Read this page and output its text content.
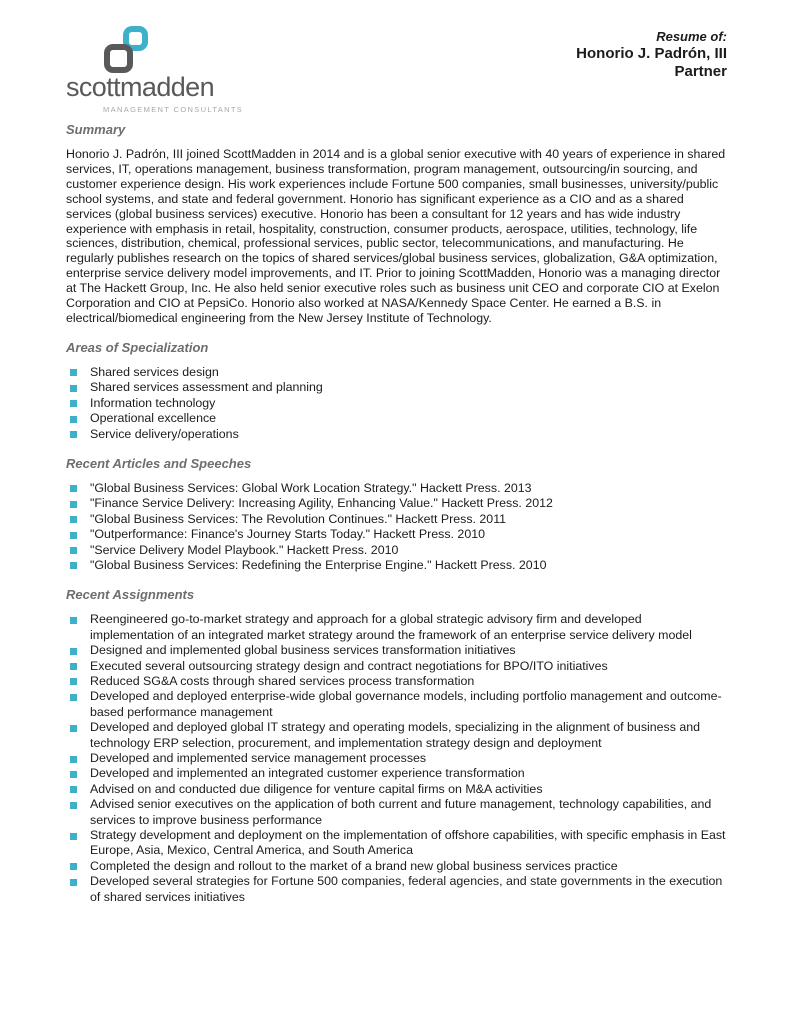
scottmadden
MANAGEMENT CONSULTANTS
Resume of:
Honorio J. Padrón, III
Partner
Summary

Honorio J. Padrón, III joined ScottMadden in 2014 and is a global senior executive with 40 years of experience in shared services, IT, operations management, business transformation, program management, outsourcing/in sourcing, and customer experience design. His work experiences include Fortune 500 companies, small businesses, university/public school systems, and state and federal government. Honorio has significant experience as a CIO and as a shared services (global business services) executive. Honorio has been a consultant for 12 years and has wide industry experience with emphasis in retail, hospitality, construction, consumer products, aerospace, utilities, technology, life sciences, distribution, chemical, professional services, public sector, telecommunications, and manufacturing. He regularly publishes research on the topics of shared services/global business services, globalization, G&A optimization, enterprise service delivery model improvements, and IT. Prior to joining ScottMadden, Honorio was a managing director at The Hackett Group, Inc. He also held senior executive roles such as business unit CEO and corporate CIO at Exelon Corporation and CIO at PepsiCo. Honorio also worked at NASA/Kennedy Space Center. He earned a B.S. in electrical/biomedical engineering from the New Jersey Institute of Technology.

Areas of Specialization
Shared services design
Shared services assessment and planning
Information technology
Operational excellence
Service delivery/operations
Recent Articles and Speeches
"Global Business Services: Global Work Location Strategy." Hackett Press. 2013
"Finance Service Delivery: Increasing Agility, Enhancing Value." Hackett Press. 2012
"Global Business Services: The Revolution Continues." Hackett Press. 2011
"Outperformance: Finance's Journey Starts Today." Hackett Press. 2010
"Service Delivery Model Playbook." Hackett Press. 2010
"Global Business Services: Redefining the Enterprise Engine." Hackett Press. 2010
Recent Assignments
Reengineered go-to-market strategy and approach for a global strategic advisory firm and developed implementation of an integrated market strategy around the framework of an enterprise service delivery model
Designed and implemented global business services transformation initiatives
Executed several outsourcing strategy design and contract negotiations for BPO/ITO initiatives
Reduced SG&A costs through shared services process transformation
Developed and deployed enterprise-wide global governance models, including portfolio management and outcome-based performance management
Developed and deployed global IT strategy and operating models, specializing in the alignment of business and technology ERP selection, procurement, and implementation strategy design and deployment
Developed and implemented service management processes
Developed and implemented an integrated customer experience transformation
Advised on and conducted due diligence for venture capital firms on M&A activities
Advised senior executives on the application of both current and future management, technology capabilities, and services to improve business performance
Strategy development and deployment on the implementation of offshore capabilities, with specific emphasis in East Europe, Asia, Mexico, Central America, and South America
Completed the design and rollout to the market of a brand new global business services practice
Developed several strategies for Fortune 500 companies, federal agencies, and state governments in the execution of shared services initiatives
